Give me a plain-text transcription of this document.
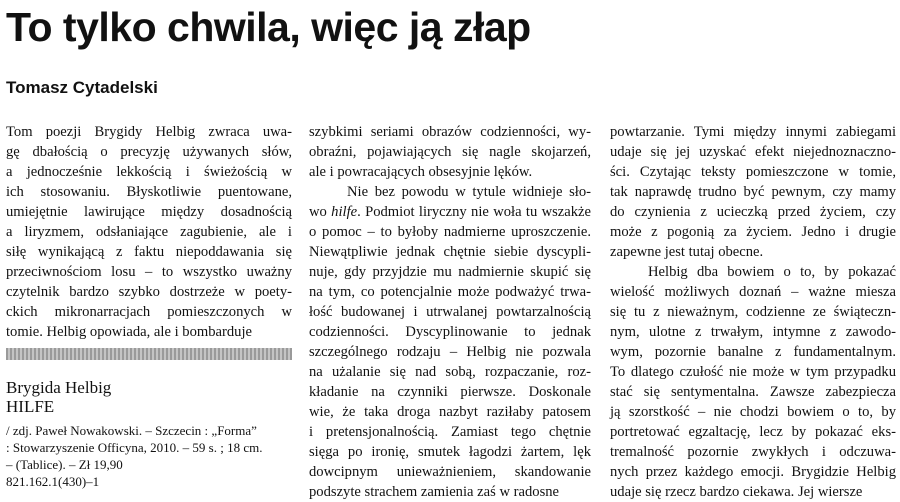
To tylko chwila, więc ją złap
Tomasz Cytadelski
Tom poezji Brygidy Helbig zwraca uwa-
gę dbałością o precyzję używanych słów,
a jednocześnie lekkością i świeżością w
ich stosowaniu. Błyskotliwie puentowane,
umiejętnie lawirujące między dosadnością
a liryzmem, odsłaniające zagubienie, ale i
siłę wynikającą z faktu niepoddawania się
przeciwnościom losu – to wszystko uważny
czytelnik bardzo szybko dostrzeże w poety-
ckich mikronarracjach pomieszczonych w
tomie. Helbig opowiada, ale i bombarduje

Brygida Helbig

HILFE

/ zdj. Paweł Nowakowski. – Szczecin : „Forma”
: Stowarzyszenie Officyna, 2010. – 59 s. ; 18 cm.
– (Tablice). – Zł 19,90
821.162.1(430)–1
szybkimi seriami obrazów codzienności, wy-
obraźni, pojawiających się nagle skojarzeń,
ale i powracających obsesyjnie lęków.
Nie bez powodu w tytule widnieje sło-
wo hilfe. Podmiot liryczny nie woła tu wszakże
o pomoc – to byłoby nadmierne uproszczenie.
Niewątpliwie jednak chętnie siebie dyscypli-
nuje, gdy przyjdzie mu nadmiernie skupić się
na tym, co potencjalnie może podważyć trwa-
łość budowanej i utrwalanej powtarzalnością
codzienności. Dyscyplinowanie to jednak
szczególnego rodzaju – Helbig nie pozwala
na użalanie się nad sobą, rozpaczanie, roz-
kładanie na czynniki pierwsze. Doskonale
wie, że taka droga nazbyt raziłaby patosem
i pretensjonalnością. Zamiast tego chętnie
sięga po ironię, smutek łagodzi żartem, lęk
dowcipnym unieważnieniem, skandowanie
podszyte strachem zamienia zaś w radosne
powtarzanie. Tymi między innymi zabiegami
udaje się jej uzyskać efekt niejednoznaczno-
ści. Czytając teksty pomieszczone w tomie,
tak naprawdę trudno być pewnym, czy mamy
do czynienia z ucieczką przed życiem, czy
może z pogonią za życiem. Jedno i drugie
zapewne jest tutaj obecne.
Helbig dba bowiem o to, by pokazać
wielość możliwych doznań – ważne miesza
się tu z nieważnym, codzienne ze świąteczn-
nym, ulotne z trwałym, intymne z zawodo-
wym, pozornie banalne z fundamentalnym.
To dlatego czułość nie może w tym przypadku
stać się sentymentalna. Zawsze zabezpiecza
ją szorstkość – nie chodzi bowiem o to, by
portretować egzaltację, lecz by pokazać eks-
tremalność pozornie zwykłych i odczuwa-
nych przez każdego emocji. Brygidzie Helbig
udaje się rzecz bardzo ciekawa. Jej wiersze
